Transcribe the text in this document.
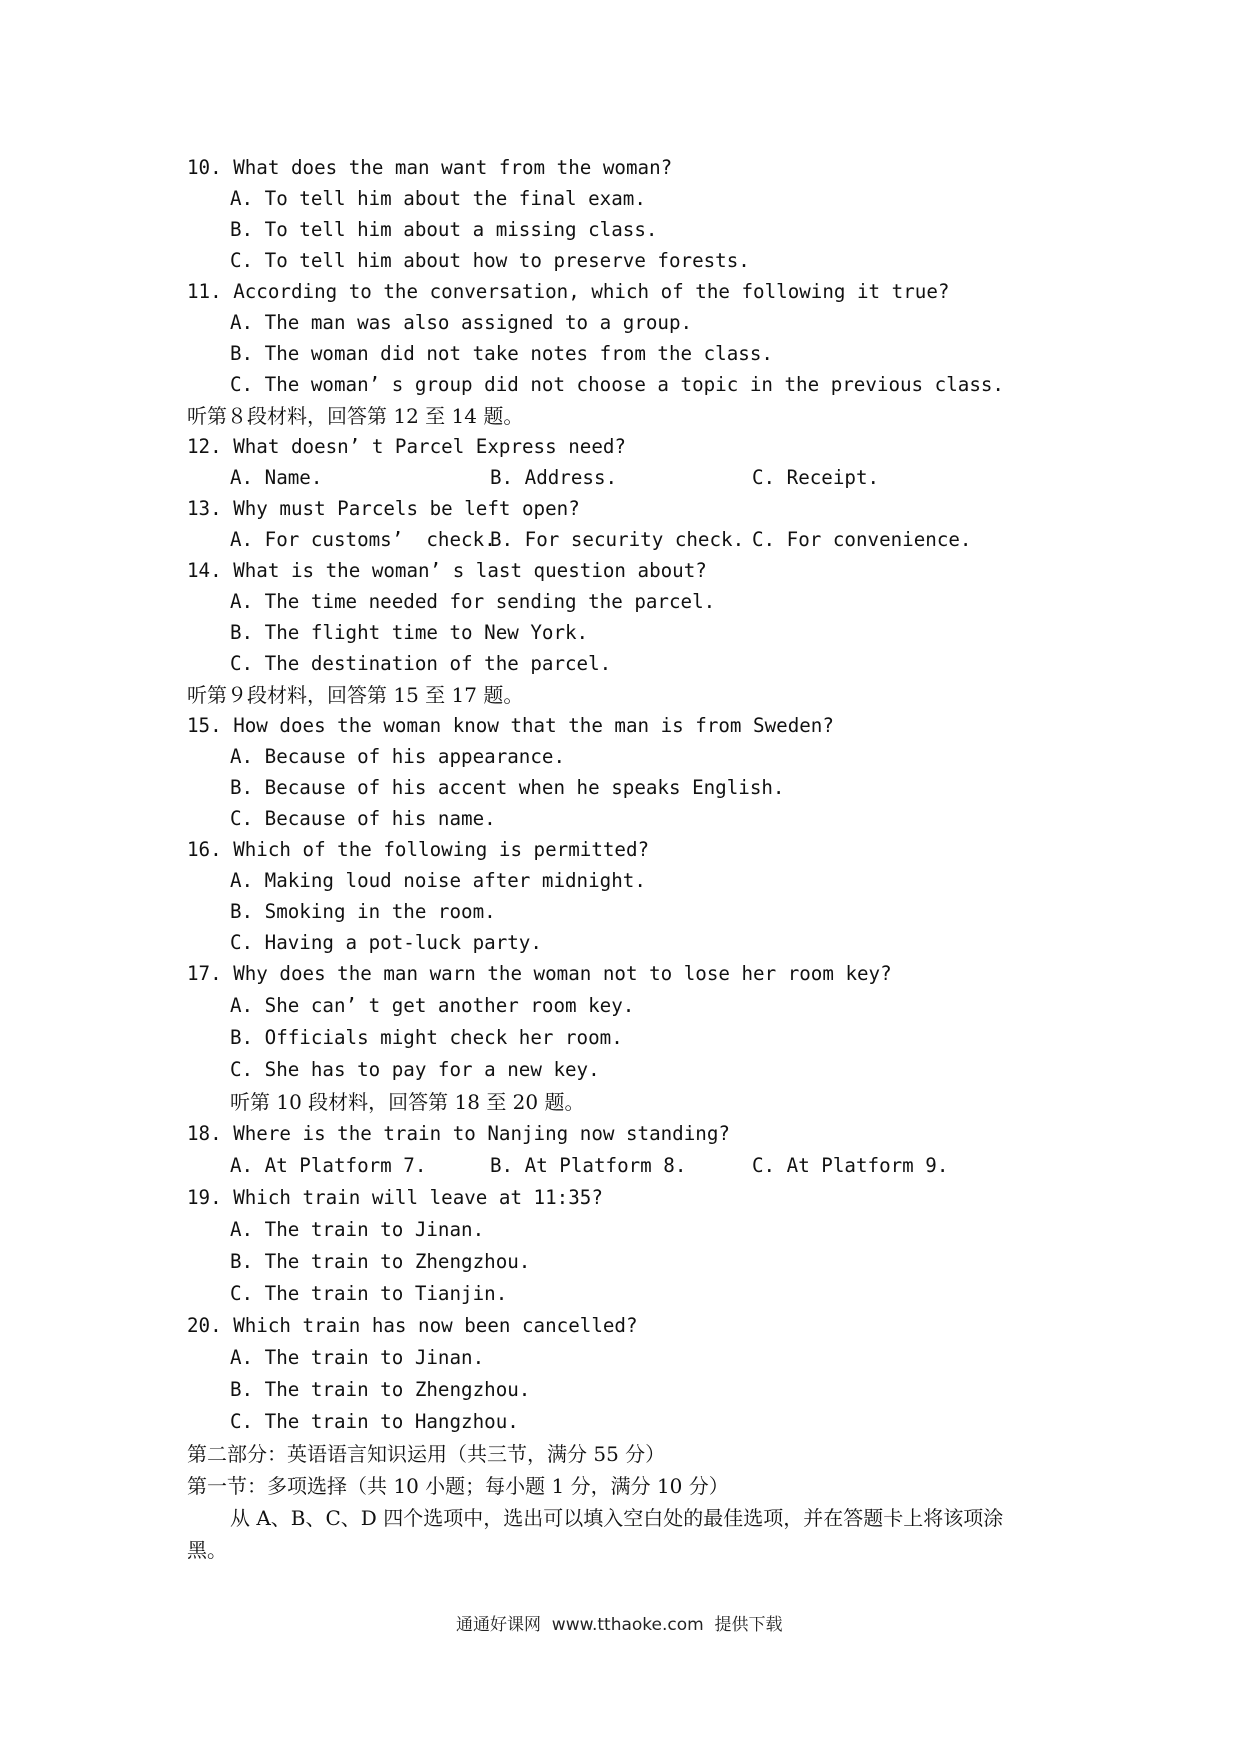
10. What does the man want from the woman?
A. To tell him about the final exam.
B. To tell him about a missing class.
C. To tell him about how to preserve forests.
11. According to the conversation, which of the following it true?
A. The man was also assigned to a group.
B. The woman did not take notes from the class.
C. The woman’ s group did not choose a topic in the previous class.
听第８段材料，回答第 12 至 14 题。
12. What doesn’ t Parcel Express need?
A. Name.	B. Address.	C. Receipt.
13. Why must Parcels be left open?
A. For customs’  check.
B. For security check. C. For convenience.
14. What is the woman’ s last question about?
A. The time needed for sending the parcel.
B. The flight time to New York.
C. The destination of the parcel.
听第９段材料，回答第 15 至 17 题。
15. How does the woman know that the man is from Sweden?
A. Because of his appearance.
B. Because of his accent when he speaks English.
C. Because of his name.
16. Which of the following is permitted?
A. Making loud noise after midnight.
B. Smoking in the room.
C. Having a pot-luck party.
17. Why does the man warn the woman not to lose her room key?
A. She can’ t get another room key.
B. Officials might check her room.
C. She has to pay for a new key.
听第 10 段材料，回答第 18 至 20 题。
18. Where is the train to Nanjing now standing?
A. At Platform 7.	B. At Platform 8.	C. At Platform 9.
19. Which train will leave at 11:35?
A. The train to Jinan.
B. The train to Zhengzhou.
C. The train to Tianjin.
20. Which train has now been cancelled?
A. The train to Jinan.
B. The train to Zhengzhou.
C. The train to Hangzhou.
第二部分：英语语言知识运用（共三节，满分 55 分）
第一节：多项选择（共 10 小题；每小题 1 分，满分 10 分）
从 A、B、C、D 四个选项中，选出可以填入空白处的最佳选项，并在答题卡上将该项涂
黑。
通通好课网  www.tthaoke.com  提供下载
